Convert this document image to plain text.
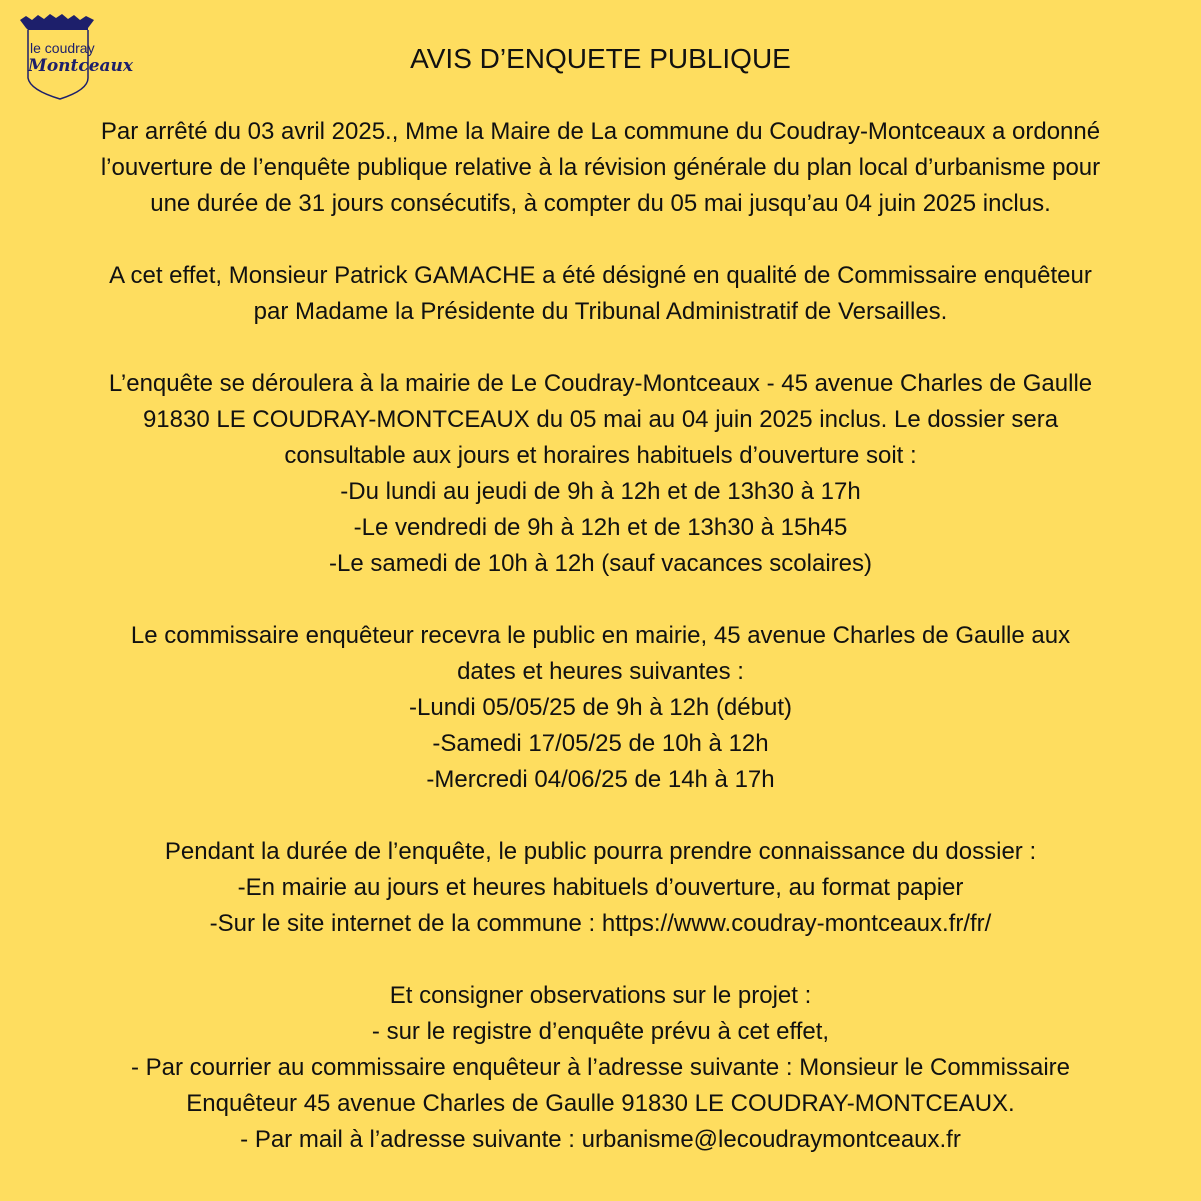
le coudray
Montceaux	AVIS D’ENQUETE PUBLIQUE
Par arrêté du 03 avril 2025., Mme la Maire de La commune du Coudray-Montceaux a ordonné
l’ouverture de l’enquête publique relative à la révision générale du plan local d’urbanisme pour
une durée de 31 jours consécutifs, à compter du 05 mai jusqu’au 04 juin 2025 inclus.
A cet effet, Monsieur Patrick GAMACHE a été désigné en qualité de Commissaire enquêteur
par Madame la Présidente du Tribunal Administratif de Versailles.
L’enquête se déroulera à la mairie de Le Coudray-Montceaux - 45 avenue Charles de Gaulle
91830 LE COUDRAY-MONTCEAUX du 05 mai au 04 juin 2025 inclus. Le dossier sera
consultable aux jours et horaires habituels d’ouverture soit :
-Du lundi au jeudi de 9h à 12h et de 13h30 à 17h
-Le vendredi de 9h à 12h et de 13h30 à 15h45
-Le samedi de 10h à 12h (sauf vacances scolaires)
Le commissaire enquêteur recevra le public en mairie, 45 avenue Charles de Gaulle aux
dates et heures suivantes :
-Lundi 05/05/25 de 9h à 12h (début)
-Samedi 17/05/25 de 10h à 12h
-Mercredi 04/06/25 de 14h à 17h
Pendant la durée de l’enquête, le public pourra prendre connaissance du dossier :
-En mairie au jours et heures habituels d’ouverture, au format papier
-Sur le site internet de la commune : https://www.coudray-montceaux.fr/fr/
Et consigner observations sur le projet :
- sur le registre d’enquête prévu à cet effet,
- Par courrier au commissaire enquêteur à l’adresse suivante : Monsieur le Commissaire
Enquêteur 45 avenue Charles de Gaulle 91830 LE COUDRAY-MONTCEAUX.
- Par mail à l’adresse suivante : urbanisme@lecoudraymontceaux.fr
